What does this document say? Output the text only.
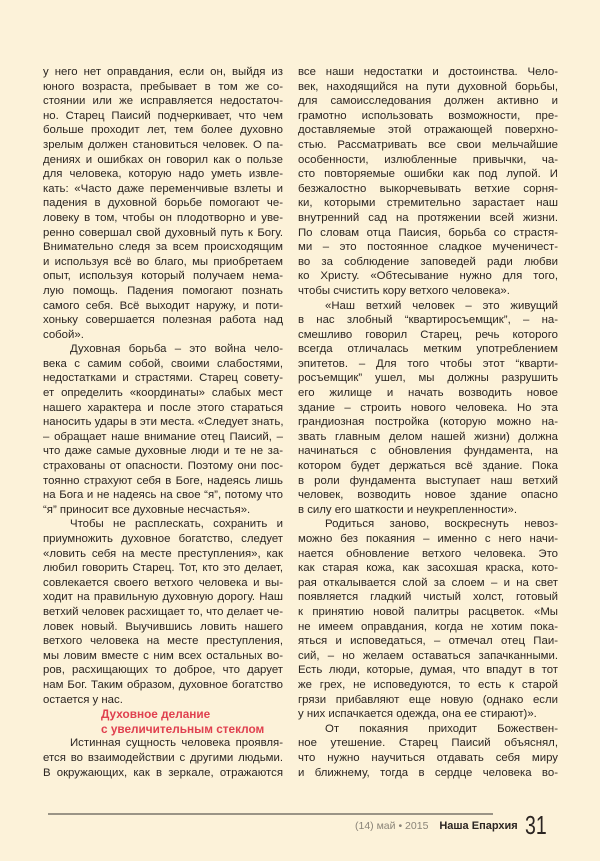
у него нет оправдания, если он, выйдя из
юного возраста, пребывает в том же со-
стоянии или же исправляется недостаточ-
но. Старец Паисий подчеркивает, что чем
больше проходит лет, тем более духовно
зрелым должен становиться человек. О па-
дениях и ошибках он говорил как о пользе
для человека, которую надо уметь извле-
кать: «Часто даже переменчивые взлеты и
падения в духовной борьбе помогают че-
ловеку в том, чтобы он плодотворно и уве-
ренно совершал свой духовный путь к Богу.
Внимательно следя за всем происходящим
и используя всё во благо, мы приобретаем
опыт, используя который получаем нема-
лую помощь. Падения помогают познать
самого себя. Всё выходит наружу, и поти-
хоньку совершается полезная работа над
собой».
Духовная борьба – это война чело-
века с самим собой, своими слабостями,
недостатками и страстями. Старец совету-
ет определить «координаты» слабых мест
нашего характера и после этого стараться
наносить удары в эти места. «Следует знать,
– обращает наше внимание отец Паисий, –
что даже самые духовные люди и те не за-
страхованы от опасности. Поэтому они пос-
тоянно страхуют себя в Боге, надеясь лишь
на Бога и не надеясь на свое “я”, потому что
“я” приносит все духовные несчастья».
Чтобы не расплескать, сохранить и
приумножить духовное богатство, следует
«ловить себя на месте преступления», как
любил говорить Старец. Тот, кто это делает,
совлекается своего ветхого человека и вы-
ходит на правильную духовную дорогу. Наш
ветхий человек расхищает то, что делает че-
ловек новый. Выучившись ловить нашего
ветхого человека на месте преступления,
мы ловим вместе с ним всех остальных во-
ров, расхищающих то доброе, что дарует
нам Бог. Таким образом, духовное богатство
остается у нас.
Духовное делание
с увеличительным стеклом
Истинная сущность человека проявля-
ется во взаимодействии с другими людьми.
В окружающих, как в зеркале, отражаются
все наши недостатки и достоинства. Чело-
век, находящийся на пути духовной борьбы,
для самоисследования должен активно и
грамотно использовать возможности, пре-
доставляемые этой отражающей поверхно-
стью. Рассматривать все свои мельчайшие
особенности, излюбленные привычки, ча-
сто повторяемые ошибки как под лупой. И
безжалостно выкорчевывать ветхие сорня-
ки, которыми стремительно зарастает наш
внутренний сад на протяжении всей жизни.
По словам отца Паисия, борьба со страстя-
ми – это постоянное сладкое мученичест-
во за соблюдение заповедей ради любви
ко Христу. «Обтесывание нужно для того,
чтобы счистить кору ветхого человека».
«Наш ветхий человек – это живущий
в нас злобный “квартиросъемщик”, – на-
смешливо говорил Старец, речь которого
всегда отличалась метким употреблением
эпитетов. – Для того чтобы этот “кварти-
росъемщик” ушел, мы должны разрушить
его жилище и начать возводить новое
здание – строить нового человека. Но эта
грандиозная постройка (которую можно на-
звать главным делом нашей жизни) должна
начинаться с обновления фундамента, на
котором будет держаться всё здание. Пока
в роли фундамента выступает наш ветхий
человек, возводить новое здание опасно
в силу его шаткости и неукрепленности».
Родиться заново, воскреснуть невоз-
можно без покаяния – именно с него начи-
нается обновление ветхого человека. Это
как старая кожа, как засохшая краска, кото-
рая откалывается слой за слоем – и на свет
появляется гладкий чистый холст, готовый
к принятию новой палитры расцветок. «Мы
не имеем оправдания, когда не хотим пока-
яться и исповедаться, – отмечал отец Паи-
сий, – но желаем оставаться запачканными.
Есть люди, которые, думая, что впадут в тот
же грех, не исповедуются, то есть к старой
грязи прибавляют еще новую (однако если
у них испачкается одежда, она ее стирают)».
От покаяния приходит Божествен-
ное утешение. Старец Паисий объяснял,
что нужно научиться отдавать себя миру
и ближнему, тогда в сердце человека во-
(14) май • 2015 Наша Епархия 31
